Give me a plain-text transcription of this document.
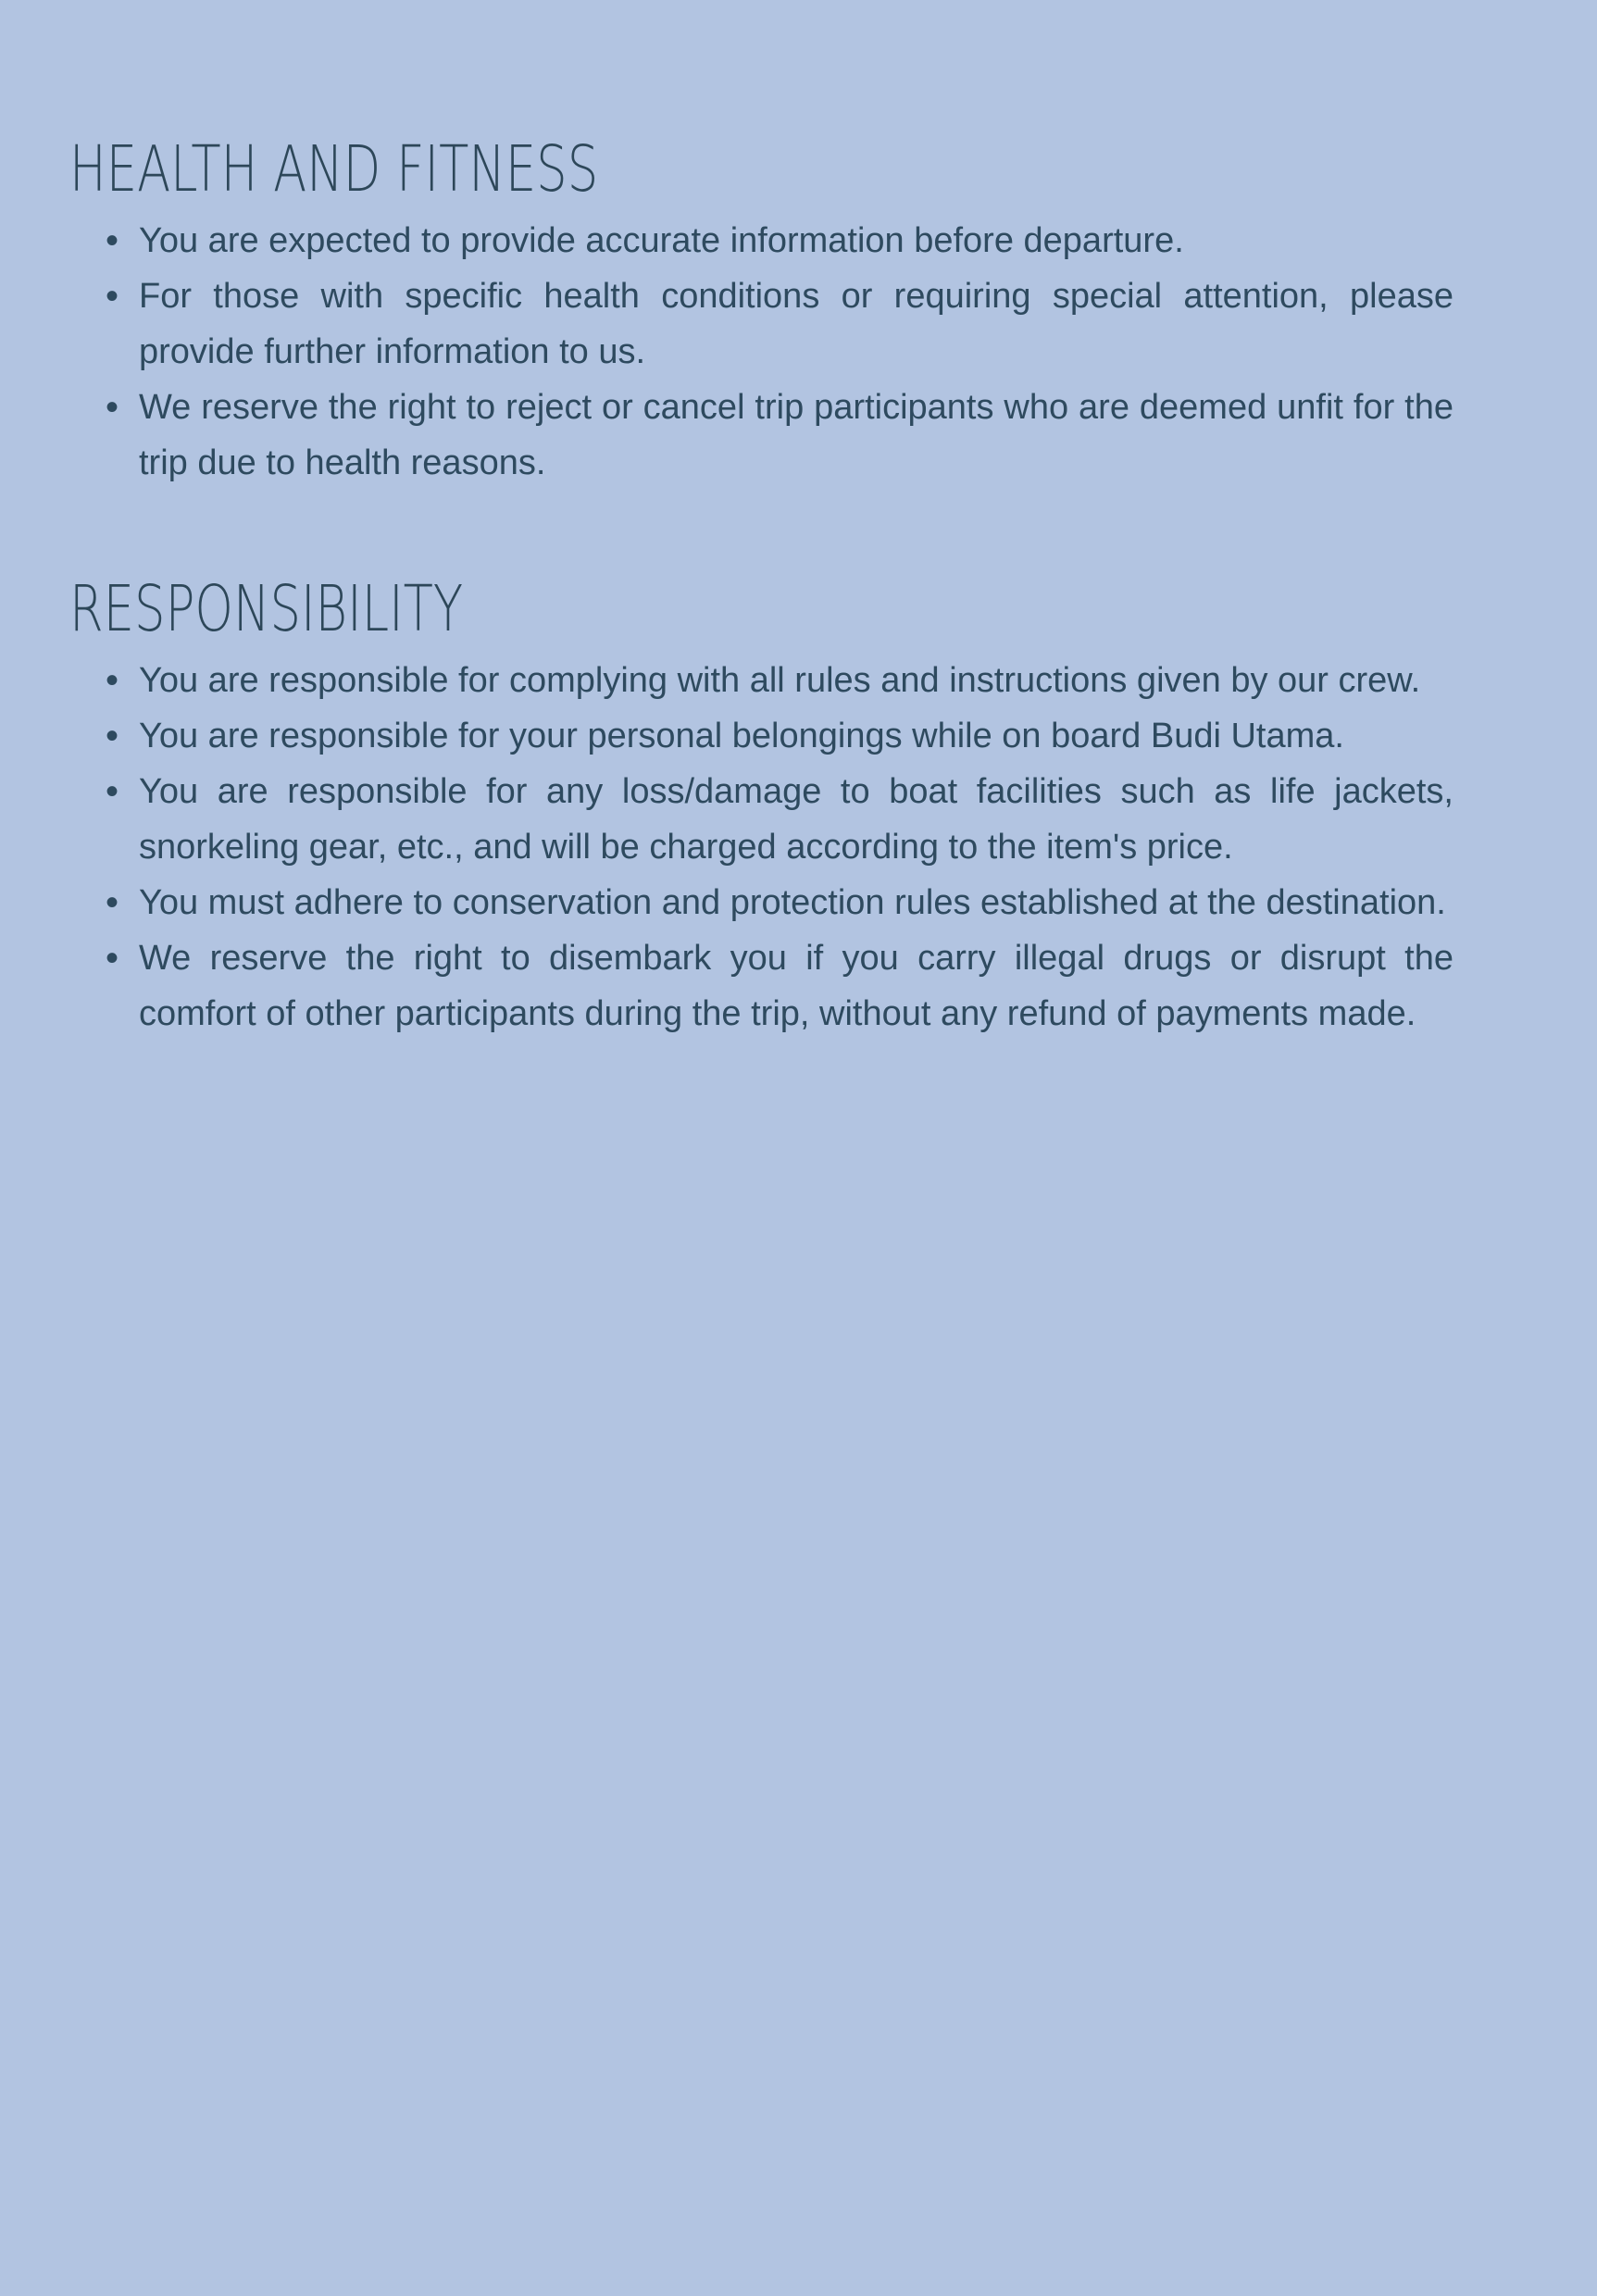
HEALTH AND FITNESS
• You are expected to provide accurate information before departure.
• For those with specific health conditions or requiring special attention, please provide further information to us.
• We reserve the right to reject or cancel trip participants who are deemed unfit for the trip due to health reasons.
RESPONSIBILITY
• You are responsible for complying with all rules and instructions given by our crew.
• You are responsible for your personal belongings while on board Budi Utama.
• You are responsible for any loss/damage to boat facilities such as life jackets, snorkeling gear, etc., and will be charged according to the item's price.
• You must adhere to conservation and protection rules established at the destination.
• We reserve the right to disembark you if you carry illegal drugs or disrupt the comfort of other participants during the trip, without any refund of payments made.
